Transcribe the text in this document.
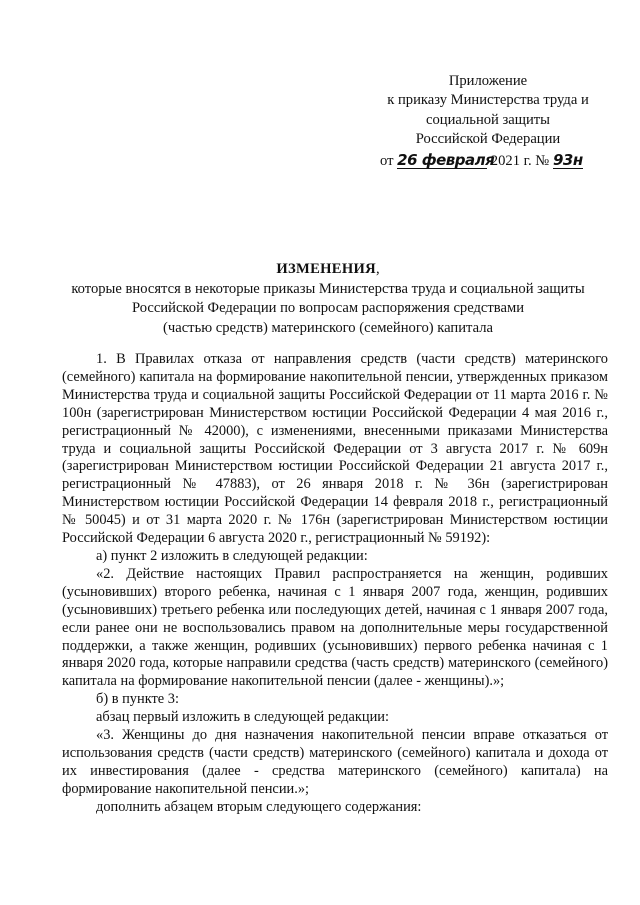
Приложение
к приказу Министерства труда и
социальной защиты
Российской Федерации
от 26 февраля 2021 г. № 93н
ИЗМЕНЕНИЯ,
которые вносятся в некоторые приказы Министерства труда и социальной защиты
Российской Федерации по вопросам распоряжения средствами
(частью средств) материнского (семейного) капитала

1. В Правилах отказа от направления средств (части средств) материнского (семейного) капитала на формирование накопительной пенсии, утвержденных приказом Министерства труда и социальной защиты Российской Федерации от 11 марта 2016 г. № 100н (зарегистрирован Министерством юстиции Российской Федерации 4 мая 2016 г., регистрационный № 42000), с изменениями, внесенными приказами Министерства труда и социальной защиты Российской Федерации от 3 августа 2017 г. № 609н (зарегистрирован Министерством юстиции Российской Федерации 21 августа 2017 г., регистрационный № 47883), от 26 января 2018 г. № 36н (зарегистрирован Министерством юстиции Российской Федерации 14 февраля 2018 г., регистрационный № 50045) и от 31 марта 2020 г. № 176н (зарегистрирован Министерством юстиции Российской Федерации 6 августа 2020 г., регистрационный № 59192):

а) пункт 2 изложить в следующей редакции:

«2. Действие настоящих Правил распространяется на женщин, родивших (усыновивших) второго ребенка, начиная с 1 января 2007 года, женщин, родивших (усыновивших) третьего ребенка или последующих детей, начиная с 1 января 2007 года, если ранее они не воспользовались правом на дополнительные меры государственной поддержки, а также женщин, родивших (усыновивших) первого ребенка начиная с 1 января 2020 года, которые направили средства (часть средств) материнского (семейного) капитала на формирование накопительной пенсии (далее - женщины).»;

б) в пункте 3:

абзац первый изложить в следующей редакции:

«3. Женщины до дня назначения накопительной пенсии вправе отказаться от использования средств (части средств) материнского (семейного) капитала и дохода от их инвестирования (далее - средства материнского (семейного) капитала) на формирование накопительной пенсии.»;

дополнить абзацем вторым следующего содержания:
